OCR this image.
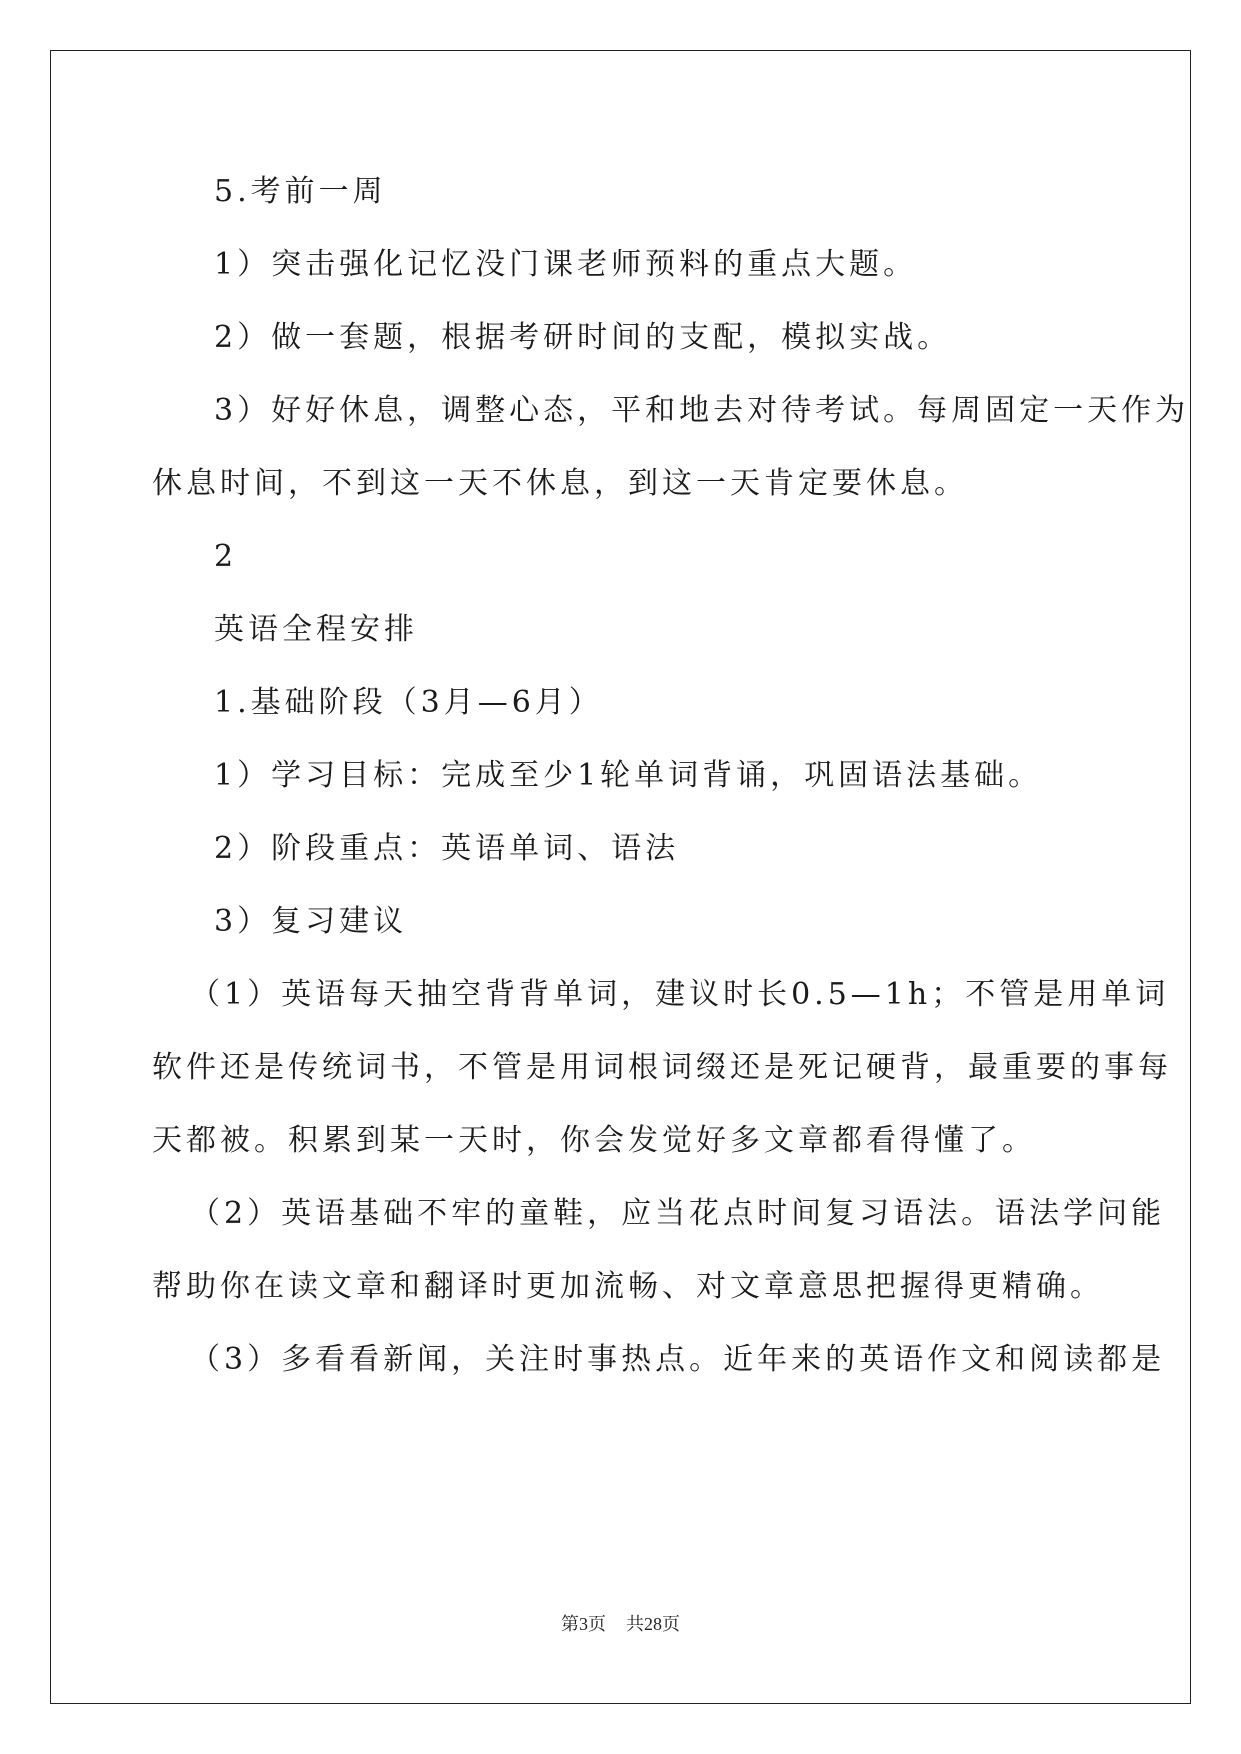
5.考前一周

1）突击强化记忆没门课老师预料的重点大题。

2）做一套题，根据考研时间的支配，模拟实战。

3）好好休息，调整心态，平和地去对待考试。每周固定一天作为

休息时间，不到这一天不休息，到这一天肯定要休息。

2

英语全程安排

1.基础阶段（3月—6月）

1）学习目标：完成至少1轮单词背诵，巩固语法基础。

2）阶段重点：英语单词、语法

3）复习建议

（1）英语每天抽空背背单词，建议时长0.5—1h；不管是用单词

软件还是传统词书，不管是用词根词缀还是死记硬背，最重要的事每

天都被。积累到某一天时，你会发觉好多文章都看得懂了。

（2）英语基础不牢的童鞋，应当花点时间复习语法。语法学问能

帮助你在读文章和翻译时更加流畅、对文章意思把握得更精确。

（3）多看看新闻，关注时事热点。近年来的英语作文和阅读都是

第3页 共28页
